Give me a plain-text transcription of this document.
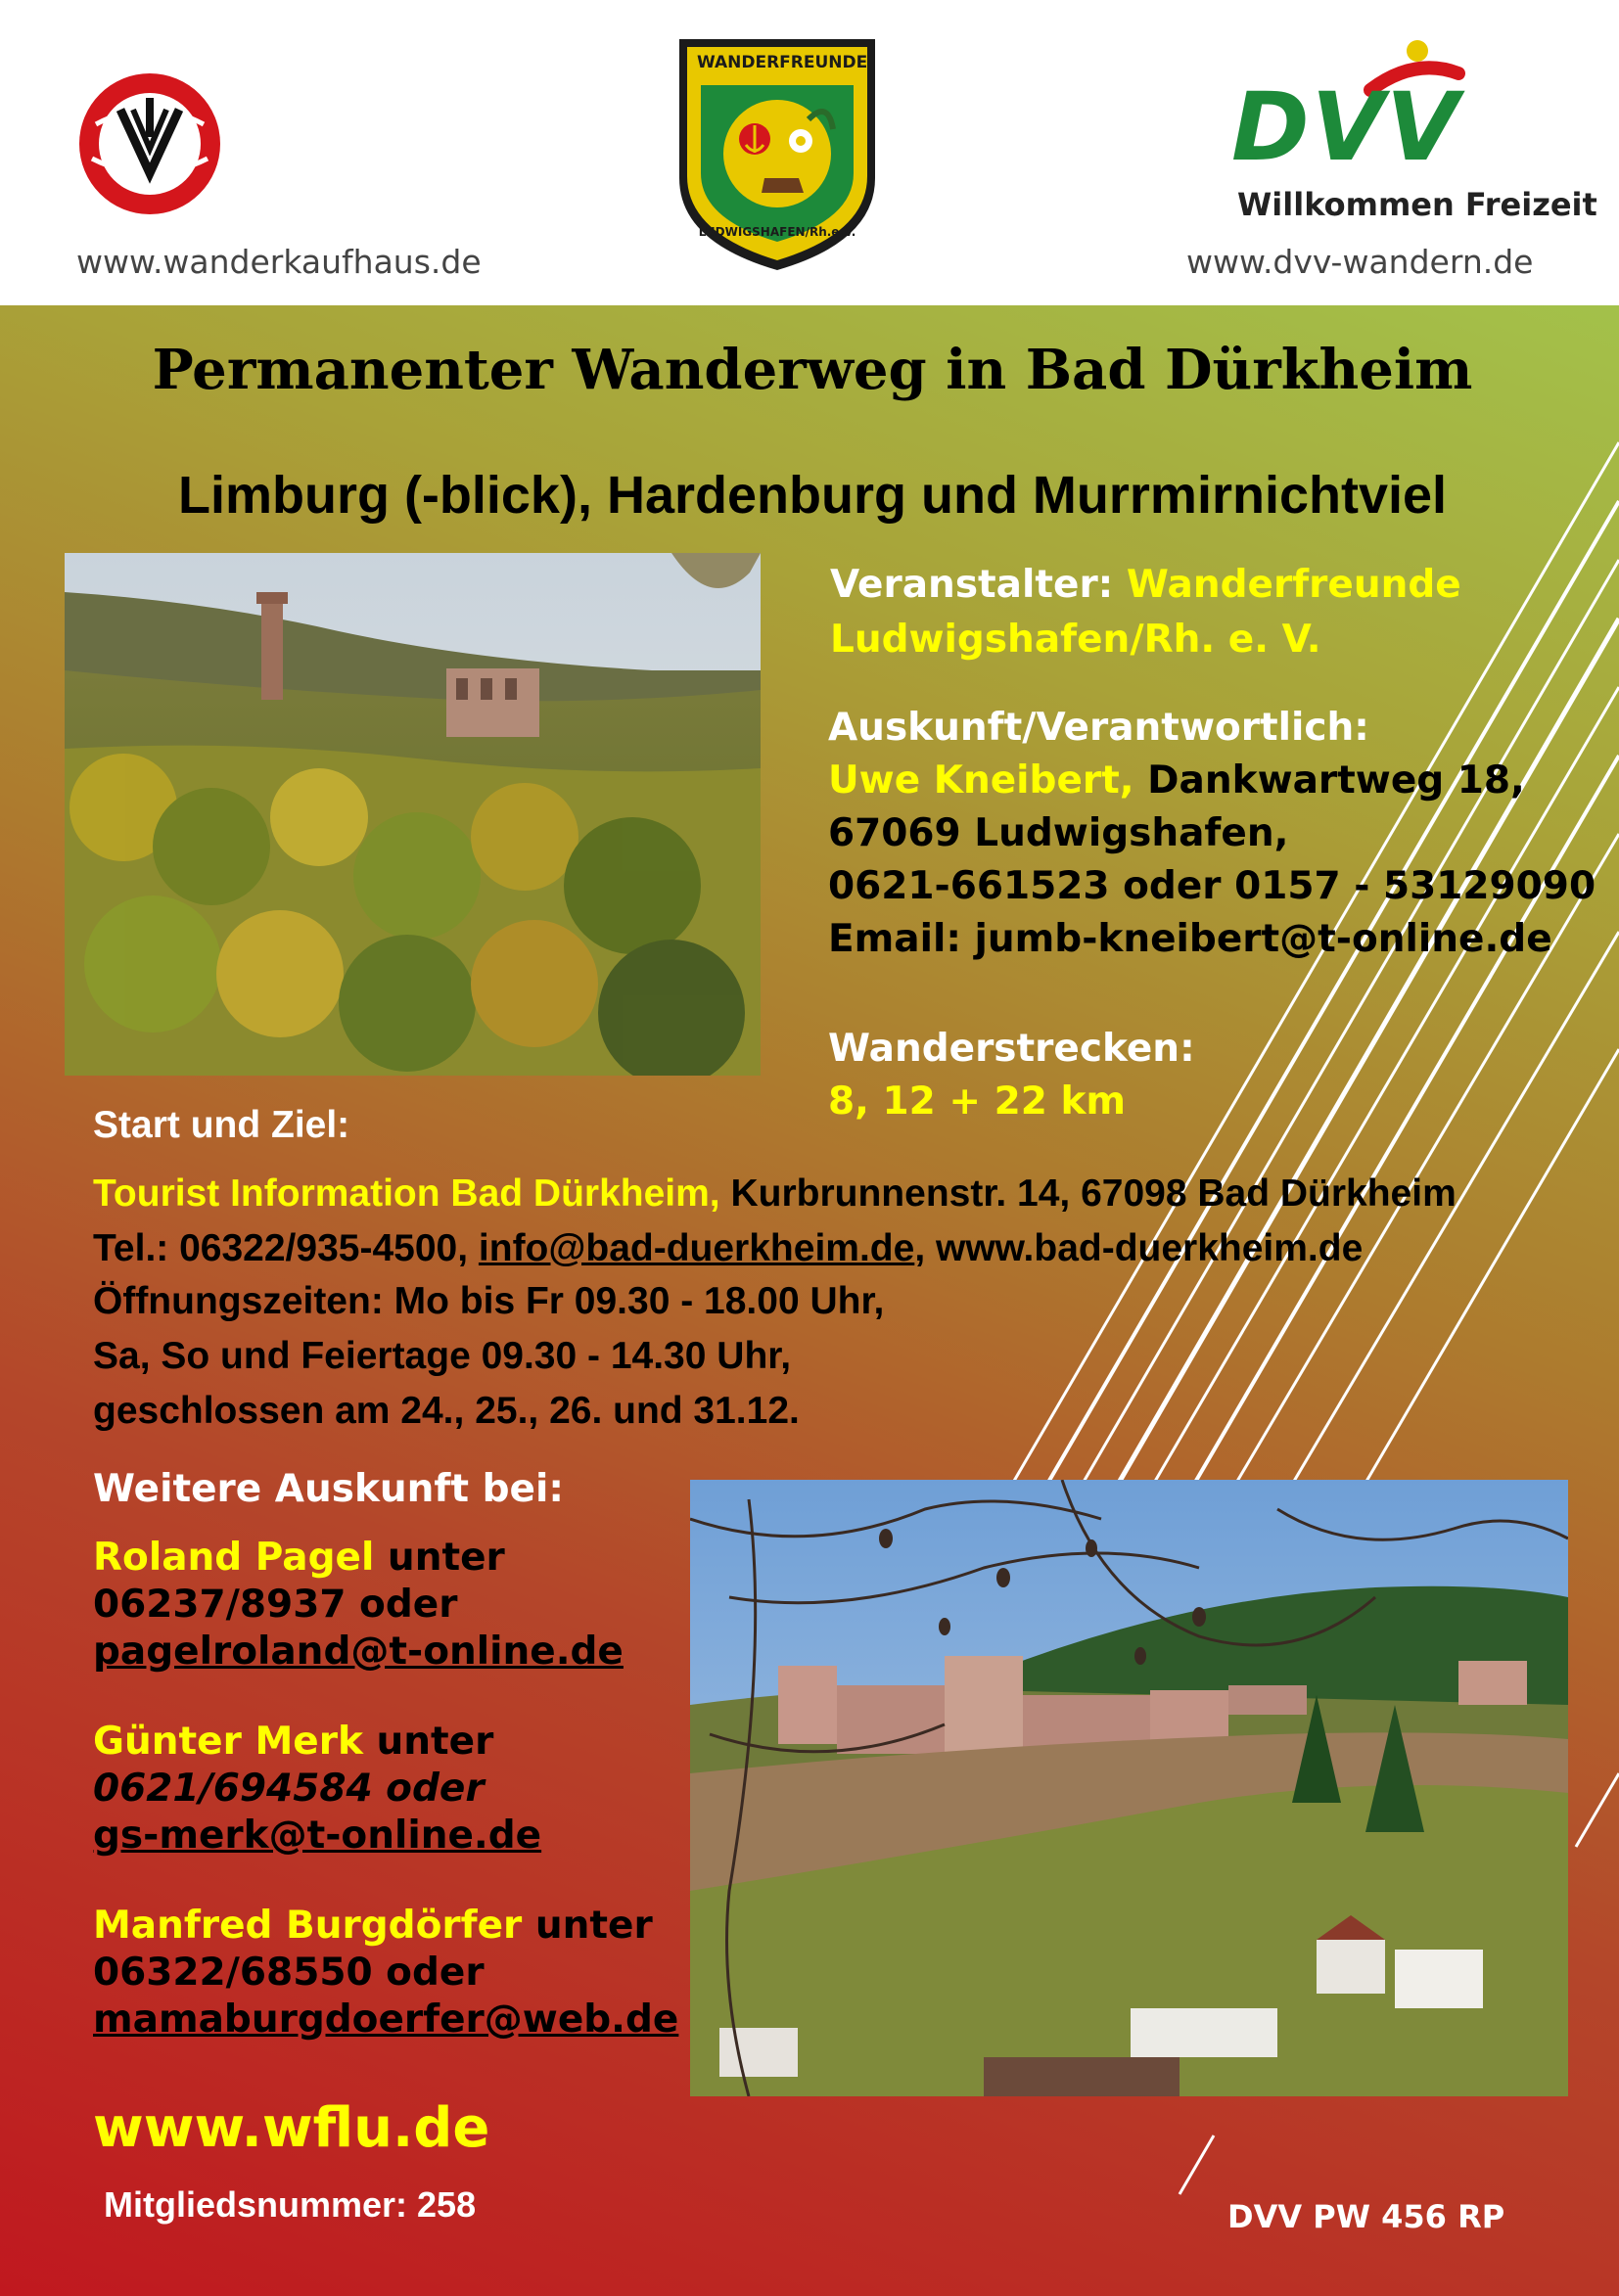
www.wanderkaufhaus.de
WANDERFREUNDE
LUDWIGSHAFEN/Rh.e.V.
DVV
Willkommen Freizeit
www.dvv-wandern.de
Permanenter Wanderweg in Bad Dürkheim
Limburg (-blick), Hardenburg und Murrmirnichtviel
Veranstalter: Wanderfreunde
Ludwigshafen/Rh. e. V.
Auskunft/Verantwortlich:
Uwe Kneibert, Dankwartweg 18,
67069 Ludwigshafen,
0621-661523 oder 0157 - 53129090
Email: jumb-kneibert@t-online.de
Wanderstrecken:
8, 12 + 22 km
Start und Ziel:
Tourist Information Bad Dürkheim, Kurbrunnenstr. 14, 67098 Bad Dürkheim
Tel.: 06322/935-4500, info@bad-duerkheim.de, www.bad-duerkheim.de
Öffnungszeiten: Mo bis Fr 09.30 - 18.00 Uhr,
Sa, So und Feiertage 09.30 - 14.30 Uhr,
geschlossen am 24., 25., 26. und 31.12.
Weitere Auskunft bei:
Roland Pagel unter
06237/8937 oder
pagelroland@t-online.de
Günter Merk unter
0621/694584 oder
gs-merk@t-online.de
Manfred Burgdörfer unter
06322/68550 oder
mamaburgdoerfer@web.de
www.wflu.de
Mitgliedsnummer: 258	DVV PW 456 RP
